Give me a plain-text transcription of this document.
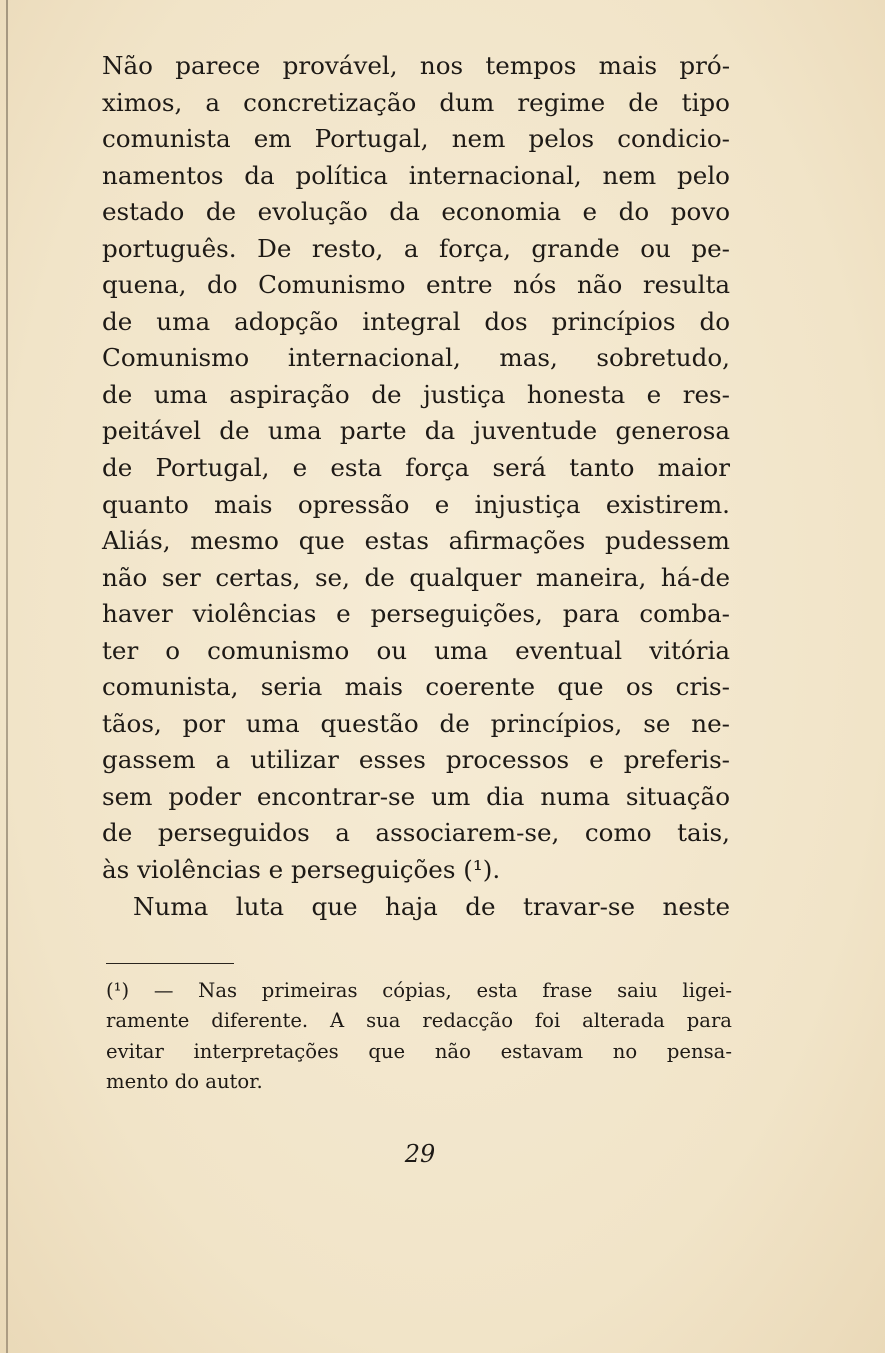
Não parece provável, nos tempos mais pró-
ximos, a concretização dum regime de tipo
comunista em Portugal, nem pelos condicio-
namentos da política internacional, nem pelo
estado de evolução da economia e do povo
português. De resto, a força, grande ou pe-
quena, do Comunismo entre nós não resulta
de uma adopção integral dos princípios do
Comunismo internacional, mas, sobretudo,
de uma aspiração de justiça honesta e res-
peitável de uma parte da juventude generosa
de Portugal, e esta força será tanto maior
quanto mais opressão e injustiça existirem.
Aliás, mesmo que estas afirmações pudessem
não ser certas, se, de qualquer maneira, há-de
haver violências e perseguições, para comba-
ter o comunismo ou uma eventual vitória
comunista, seria mais coerente que os cris-
tãos, por uma questão de princípios, se ne-
gassem a utilizar esses processos e preferis-
sem poder encontrar-se um dia numa situação
de perseguidos a associarem-se, como tais,
às violências e perseguições (¹).
Numa luta que haja de travar-se neste
(¹) — Nas primeiras cópias, esta frase saiu ligei-
ramente diferente. A sua redacção foi alterada para
evitar interpretações que não estavam no pensa-
mento do autor.
29
